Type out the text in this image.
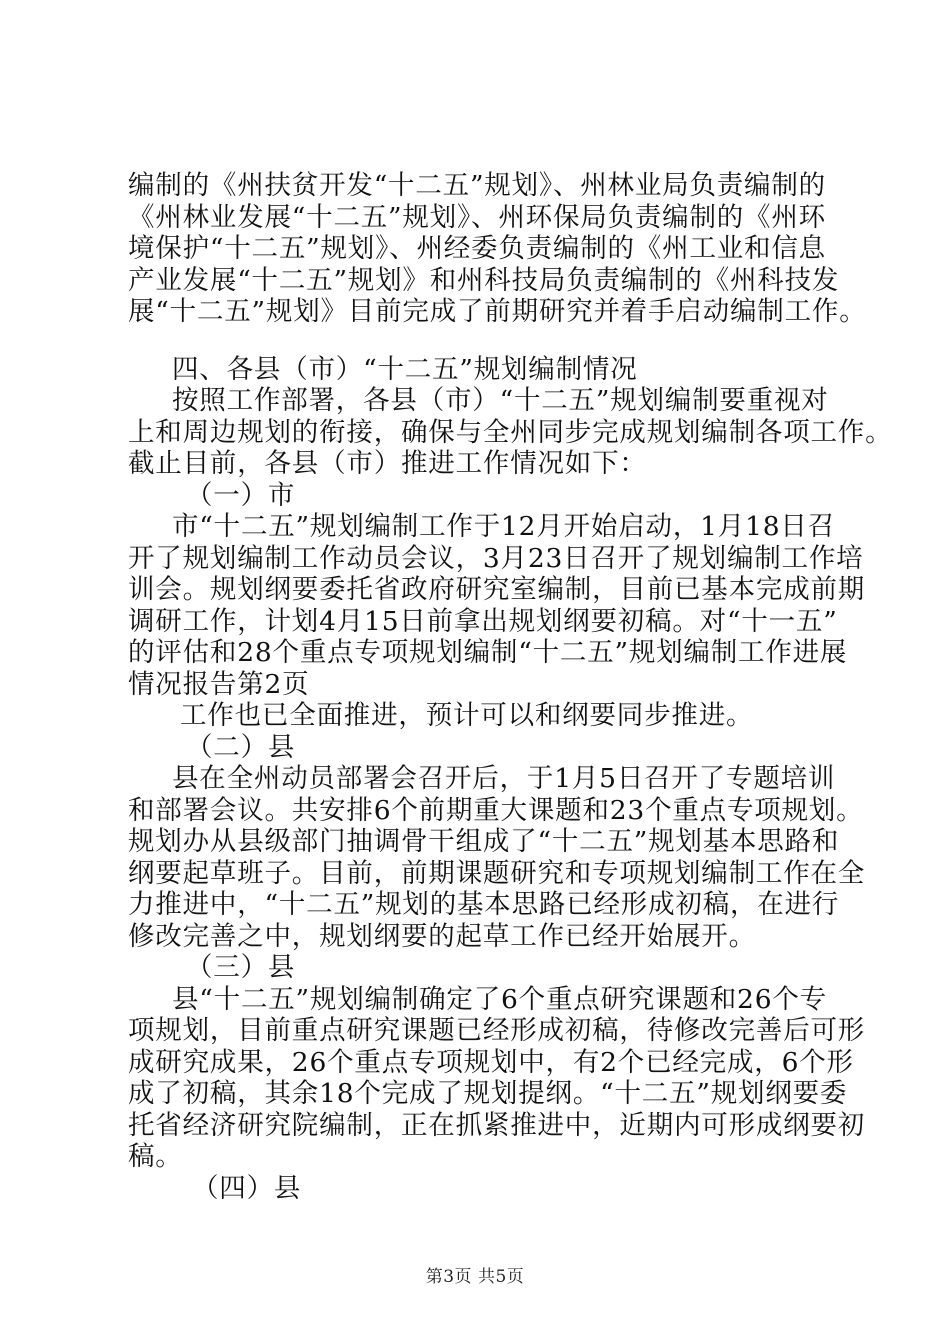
编制的《州扶贫开发“十二五”规划》、州林业局负责编制的
《州林业发展“十二五”规划》、州环保局负责编制的《州环
境保护“十二五”规划》、州经委负责编制的《州工业和信息
产业发展“十二五”规划》和州科技局负责编制的《州科技发
展“十二五”规划》目前完成了前期研究并着手启动编制工作。
四、各县（市）“十二五”规划编制情况
按照工作部署，各县（市）“十二五”规划编制要重视对
上和周边规划的衔接，确保与全州同步完成规划编制各项工作。
截止目前，各县（市）推进工作情况如下：
（一）市
市“十二五”规划编制工作于12月开始启动，1月18日召
开了规划编制工作动员会议，3月23日召开了规划编制工作培
训会。规划纲要委托省政府研究室编制，目前已基本完成前期
调研工作，计划4月15日前拿出规划纲要初稿。对“十一五”
的评估和28个重点专项规划编制“十二五”规划编制工作进展
情况报告第2页
工作也已全面推进，预计可以和纲要同步推进。
（二）县
县在全州动员部署会召开后，于1月5日召开了专题培训
和部署会议。共安排6个前期重大课题和23个重点专项规划。
规划办从县级部门抽调骨干组成了“十二五”规划基本思路和
纲要起草班子。目前，前期课题研究和专项规划编制工作在全
力推进中，“十二五”规划的基本思路已经形成初稿，在进行
修改完善之中，规划纲要的起草工作已经开始展开。
（三）县
县“十二五”规划编制确定了6个重点研究课题和26个专
项规划，目前重点研究课题已经形成初稿，待修改完善后可形
成研究成果，26个重点专项规划中，有2个已经完成，6个形
成了初稿，其余18个完成了规划提纲。“十二五”规划纲要委
托省经济研究院编制，正在抓紧推进中，近期内可形成纲要初
稿。
（四）县
第3页 共5页
